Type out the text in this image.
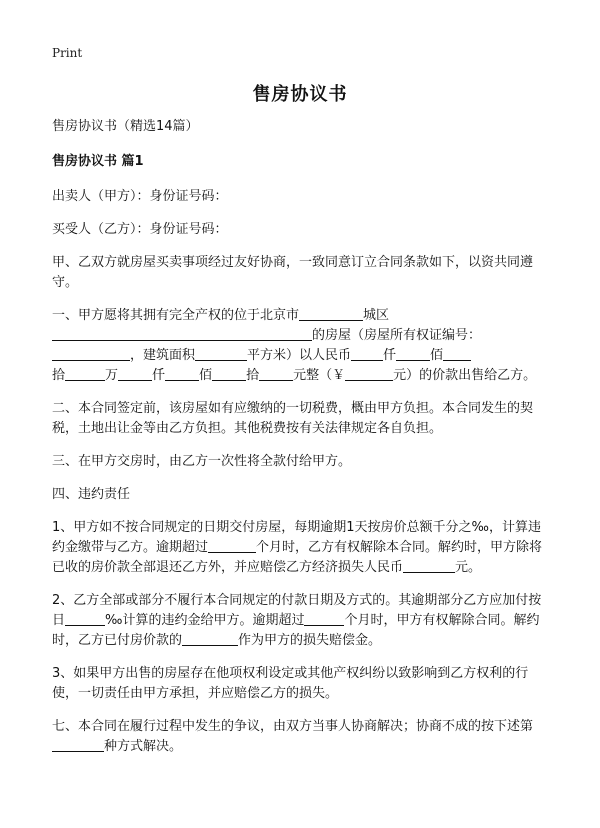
Print
售房协议书

售房协议书（精选14篇）

售房协议书 篇1

出卖人（甲方）：身份证号码：

买受人（乙方）：身份证号码：

甲、乙双方就房屋买卖事项经过友好协商，一致同意订立合同条款如下，以资共同遵守。

一、甲方愿将其拥有完全产权的位于北京市	城区
的房屋（房屋所有权证编号：
，建筑面积	平方米）以人民币 仟	佰
拾	万	仟	佰	拾	元整（￥	元）的价款出售给乙方。

二、本合同签定前，该房屋如有应缴纳的一切税费，概由甲方负担。本合同发生的契税，土地出让金等由乙方负担。其他税费按有关法律规定各自负担。

三、在甲方交房时，由乙方一次性将全款付给甲方。

四、违约责任

1、甲方如不按合同规定的日期交付房屋，每期逾期1天按房价总额千分之‰，计算违约金缴带与乙方。逾期超过	个月时，乙方有权解除本合同。解约时，甲方除将已收的房价款全部退还乙方外，并应赔偿乙方经济损失人民币	元。

2、乙方全部或部分不履行本合同规定的付款日期及方式的。其逾期部分乙方应加付按日	‰计算的违约金给甲方。逾期超过	个月时，甲方有权解除合同。解约时，乙方已付房价款的	作为甲方的损失赔偿金。

3、如果甲方出售的房屋存在他项权利设定或其他产权纠纷以致影响到乙方权利的行使，一切责任由甲方承担，并应赔偿乙方的损失。

七、本合同在履行过程中发生的争议，由双方当事人协商解决；协商不成的按下述第种方式解决。
